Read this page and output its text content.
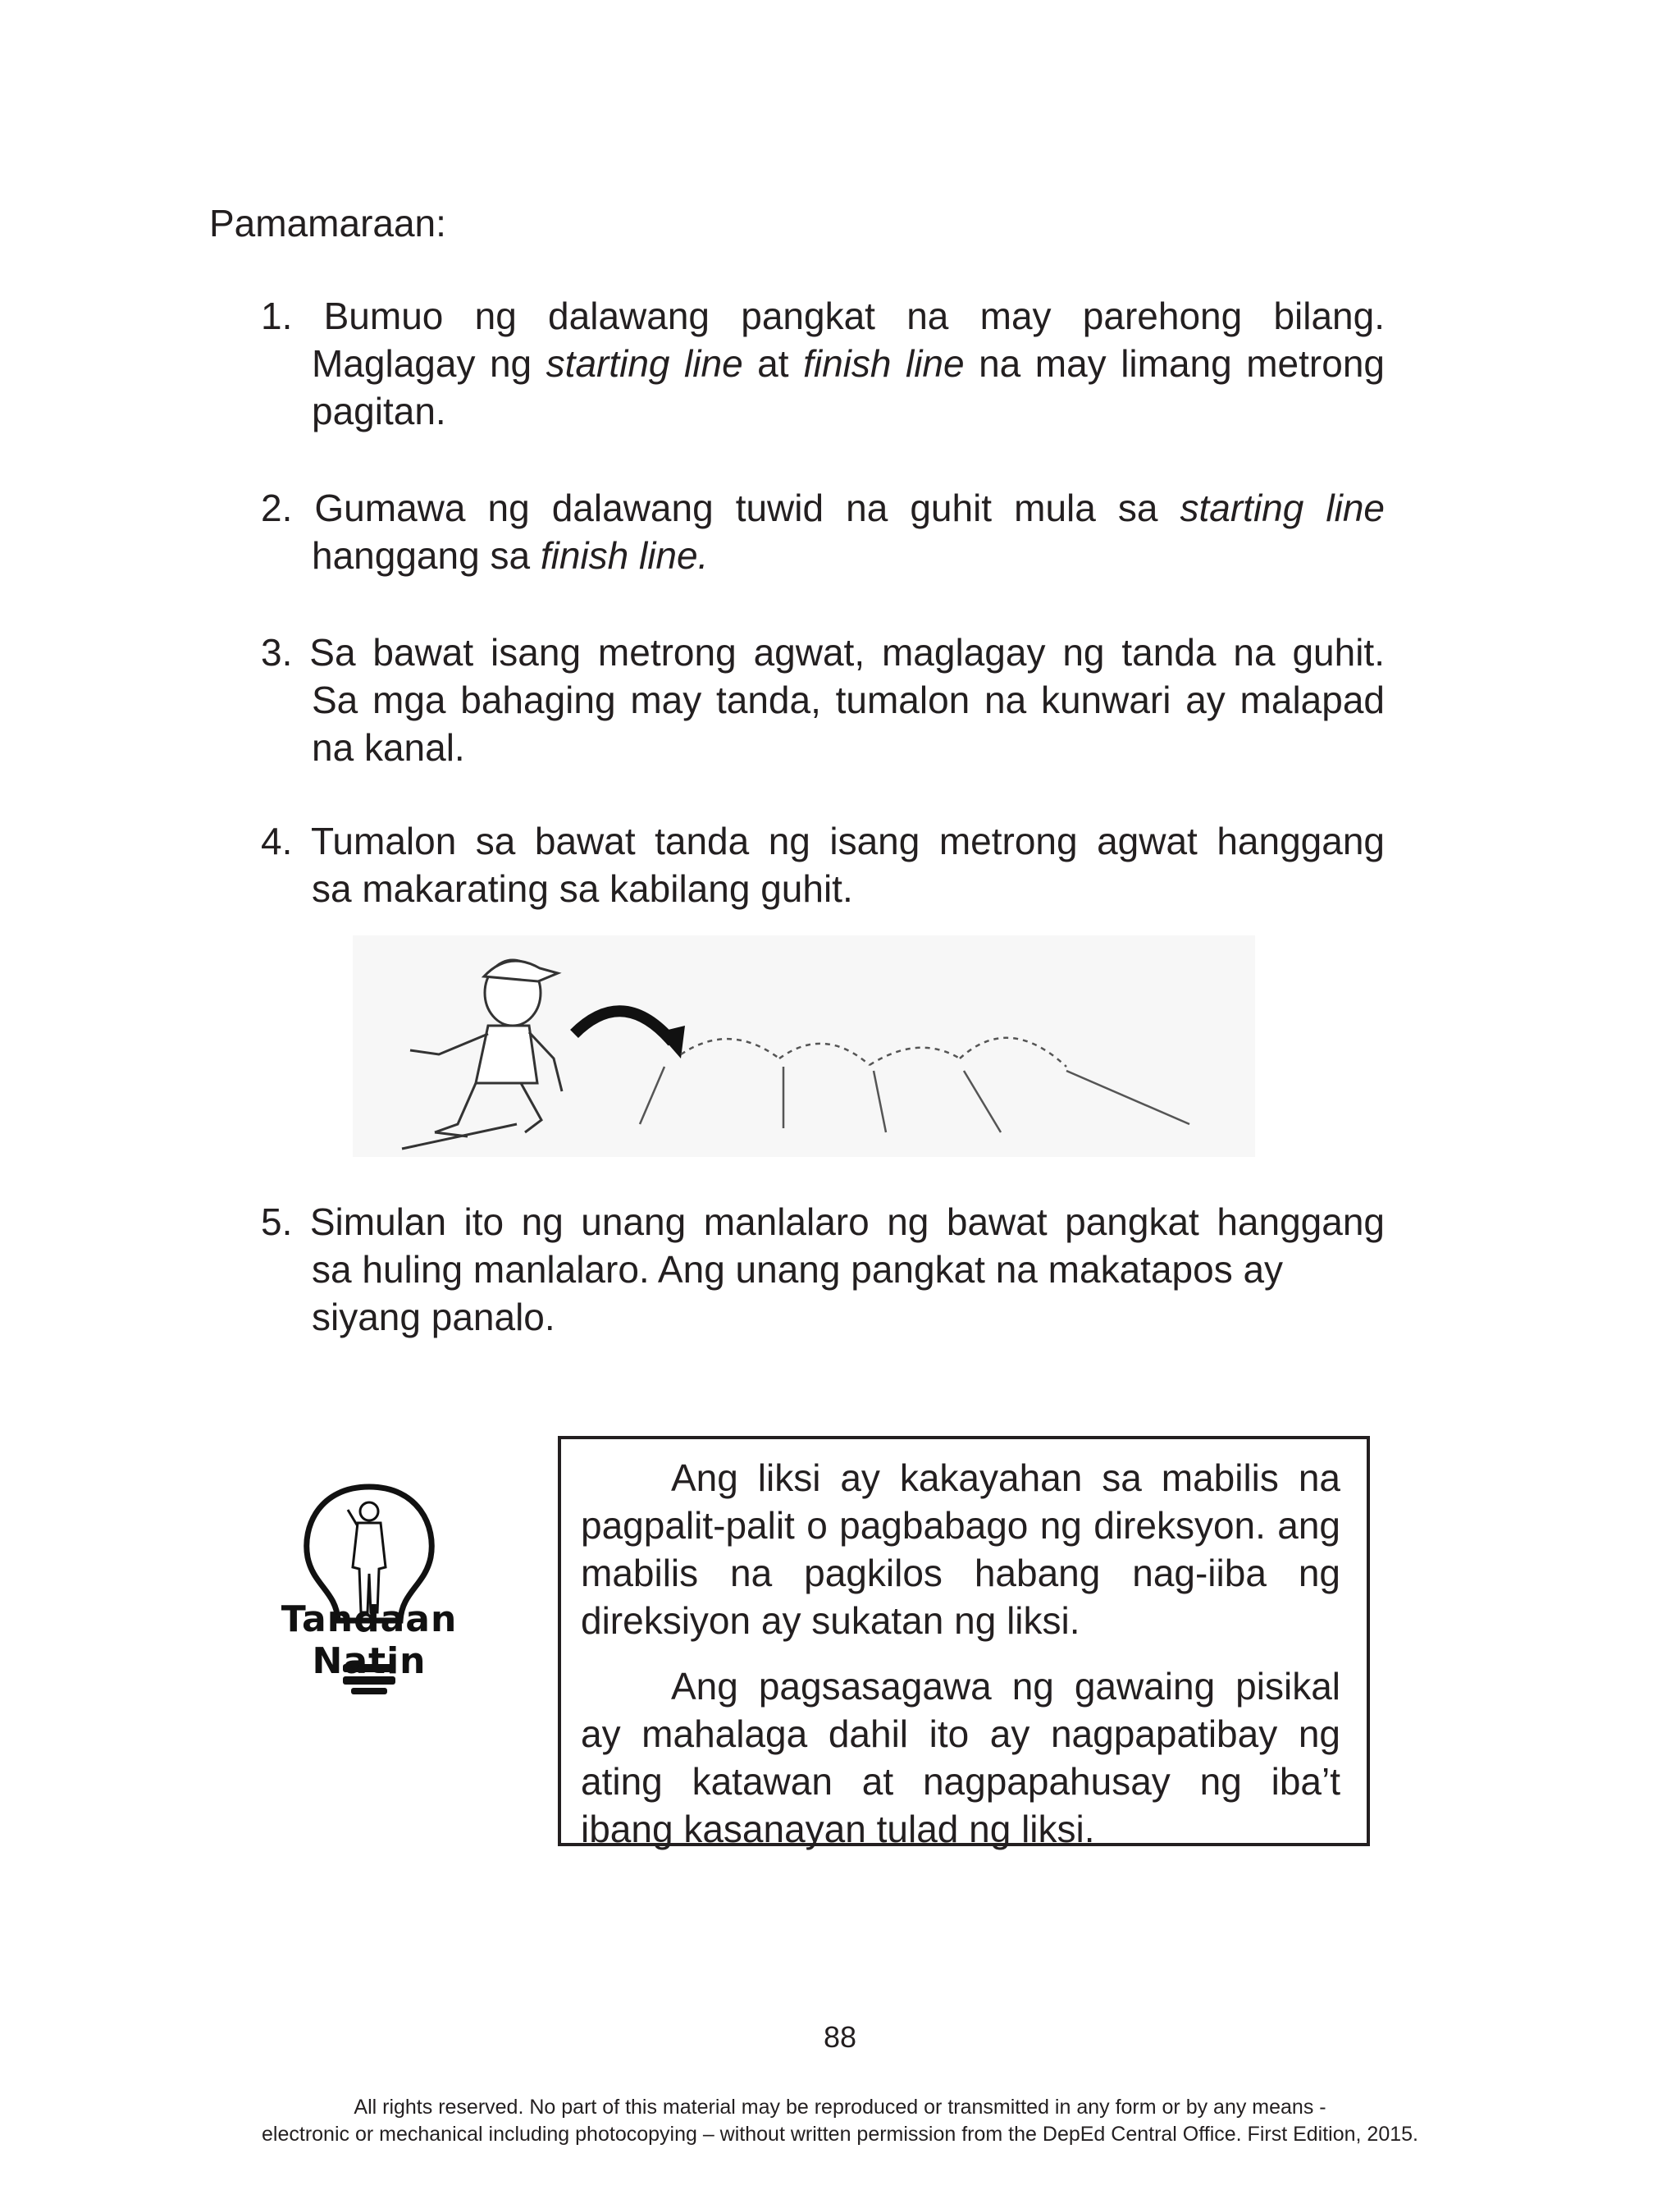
Pamamaraan:
1. Bumuo ng dalawang pangkat na may parehong bilang.
Maglagay ng starting line at finish line na may limang metrong
pagitan.
2. Gumawa ng dalawang tuwid na guhit mula sa starting line
hanggang sa finish line.
3. Sa bawat isang metrong agwat, maglagay ng tanda na guhit.
Sa mga bahaging may tanda, tumalon na kunwari ay malapad
na kanal.
4. Tumalon sa bawat tanda ng isang metrong agwat hanggang
sa makarating sa kabilang guhit.
5. Simulan ito ng unang manlalaro ng bawat pangkat hanggang
sa huling manlalaro. Ang unang pangkat na makatapos ay
siyang panalo.
Tandaan Natin

Ang liksi ay kakayahan sa mabilis na pagpalit-palit o pagbabago ng direksyon. ang mabilis na pagkilos habang nag-iiba ng direksiyon ay sukatan ng liksi.

Ang pagsasagawa ng gawaing pisikal ay mahalaga dahil ito ay nagpapatibay ng ating katawan at nagpapahusay ng iba’t ibang kasanayan tulad ng liksi.

88
All rights reserved. No part of this material may be reproduced or transmitted in any form or by any means -
electronic or mechanical including photocopying – without written permission from the DepEd Central Office. First Edition, 2015.
